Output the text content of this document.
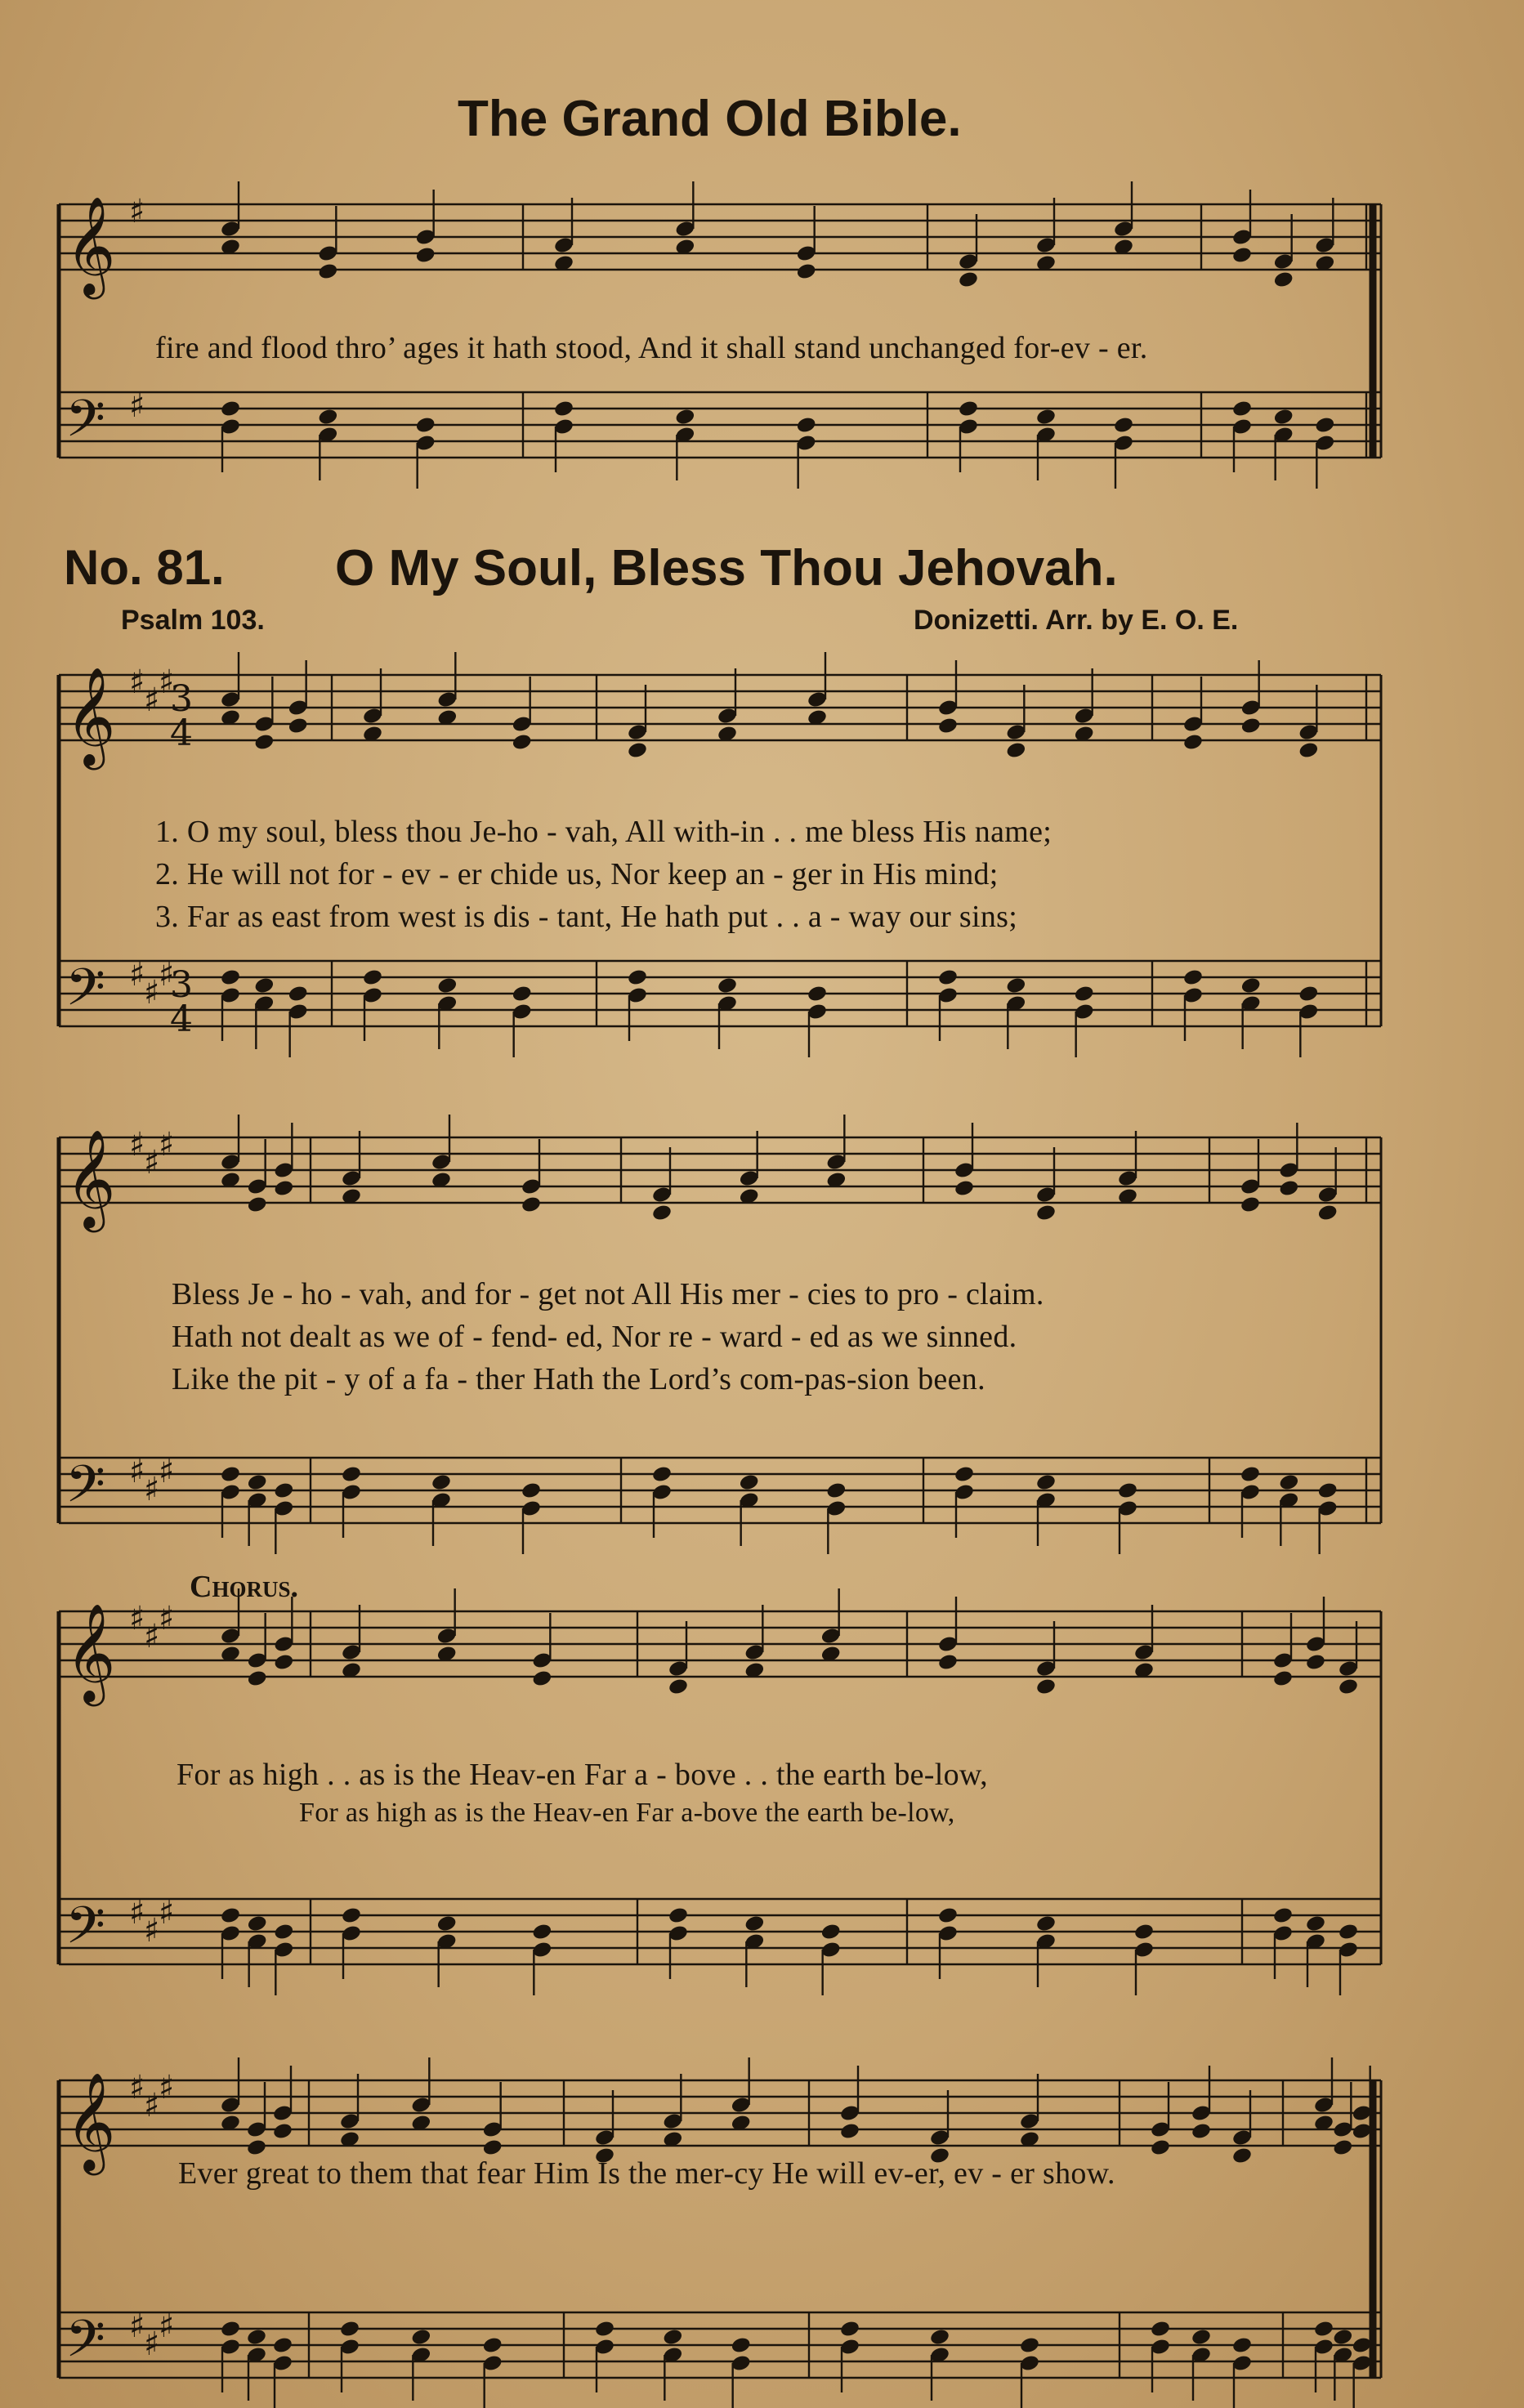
𝄞
𝄢
♯
♯
𝄞
𝄢
♯
♯
♯
♯
♯
♯
3
4
3
4
𝄞
𝄢
♯
♯
♯
♯
♯
♯
𝄞
𝄢
♯
♯
♯
♯
♯
♯
𝄞
𝄢
♯
♯
♯
♯
♯
♯
The Grand Old Bible.
fire and flood thro’ ages it hath stood, And it shall stand unchanged for-ev - er.
No. 81. O My Soul, Bless Thou Jehovah.
Psalm 103.	Donizetti. Arr. by E. O. E.
1. O my soul, bless thou Je-ho - vah, All with-in . . me bless His name;
2. He will not for - ev - er chide us, Nor keep an - ger in His mind;
3. Far as east from west is dis - tant, He hath put . . a - way our sins;
Bless Je - ho - vah, and for - get not All His mer - cies to pro - claim.
Hath not dealt as we of - fend- ed, Nor re - ward - ed as we sinned.
Like the pit - y of a fa - ther Hath the Lord’s com-pas-sion been.
Chorus.
For as high . . as is the Heav-en Far a - bove . . the earth be-low,
For as high as is the Heav-en Far a-bove the earth be-low,
Ever great to them that fear Him Is the mer-cy He will ev-er, ev - er show.
